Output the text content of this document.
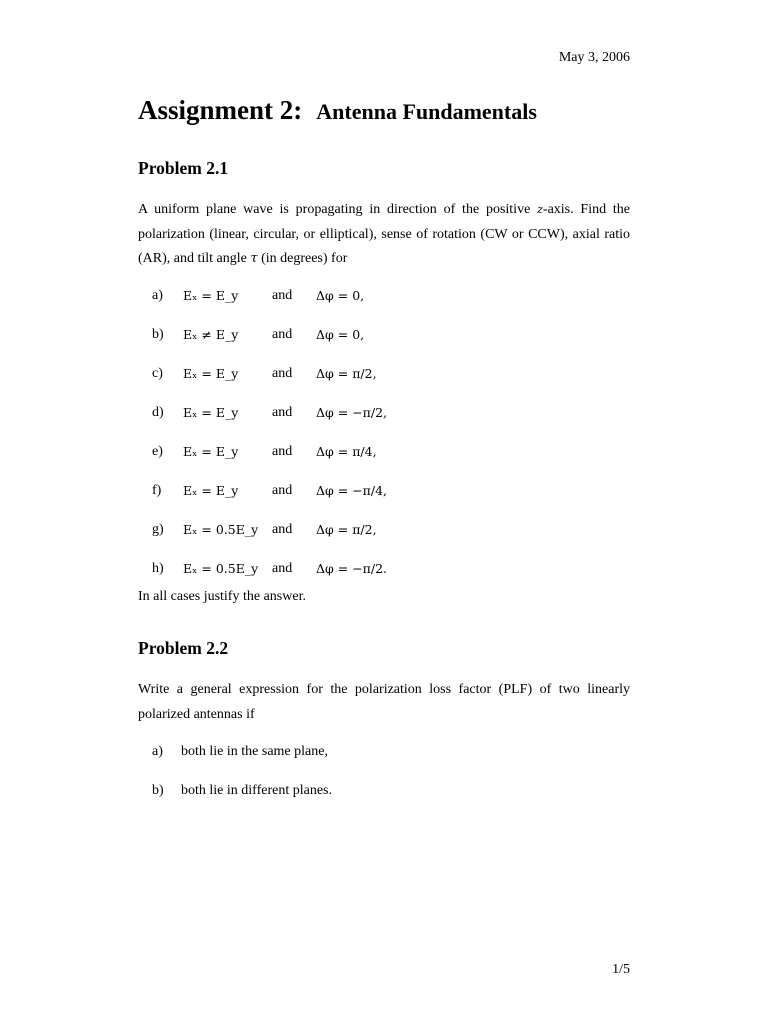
May 3, 2006
Assignment 2: Antenna Fundamentals
Problem 2.1
A uniform plane wave is propagating in direction of the positive z-axis. Find the polarization (linear, circular, or elliptical), sense of rotation (CW or CCW), axial ratio (AR), and tilt angle τ (in degrees) for
a) Eₓ = E_y and Δφ = 0,
b) Eₓ ≠ E_y and Δφ = 0,
c) Eₓ = E_y and Δφ = π/2,
d) Eₓ = E_y and Δφ = −π/2,
e) Eₓ = E_y and Δφ = π/4,
f) Eₓ = E_y and Δφ = −π/4,
g) Eₓ = 0.5E_y and Δφ = π/2,
h) Eₓ = 0.5E_y and Δφ = −π/2.
In all cases justify the answer.
Problem 2.2
Write a general expression for the polarization loss factor (PLF) of two linearly polarized antennas if
a) both lie in the same plane,
b) both lie in different planes.
1/5
